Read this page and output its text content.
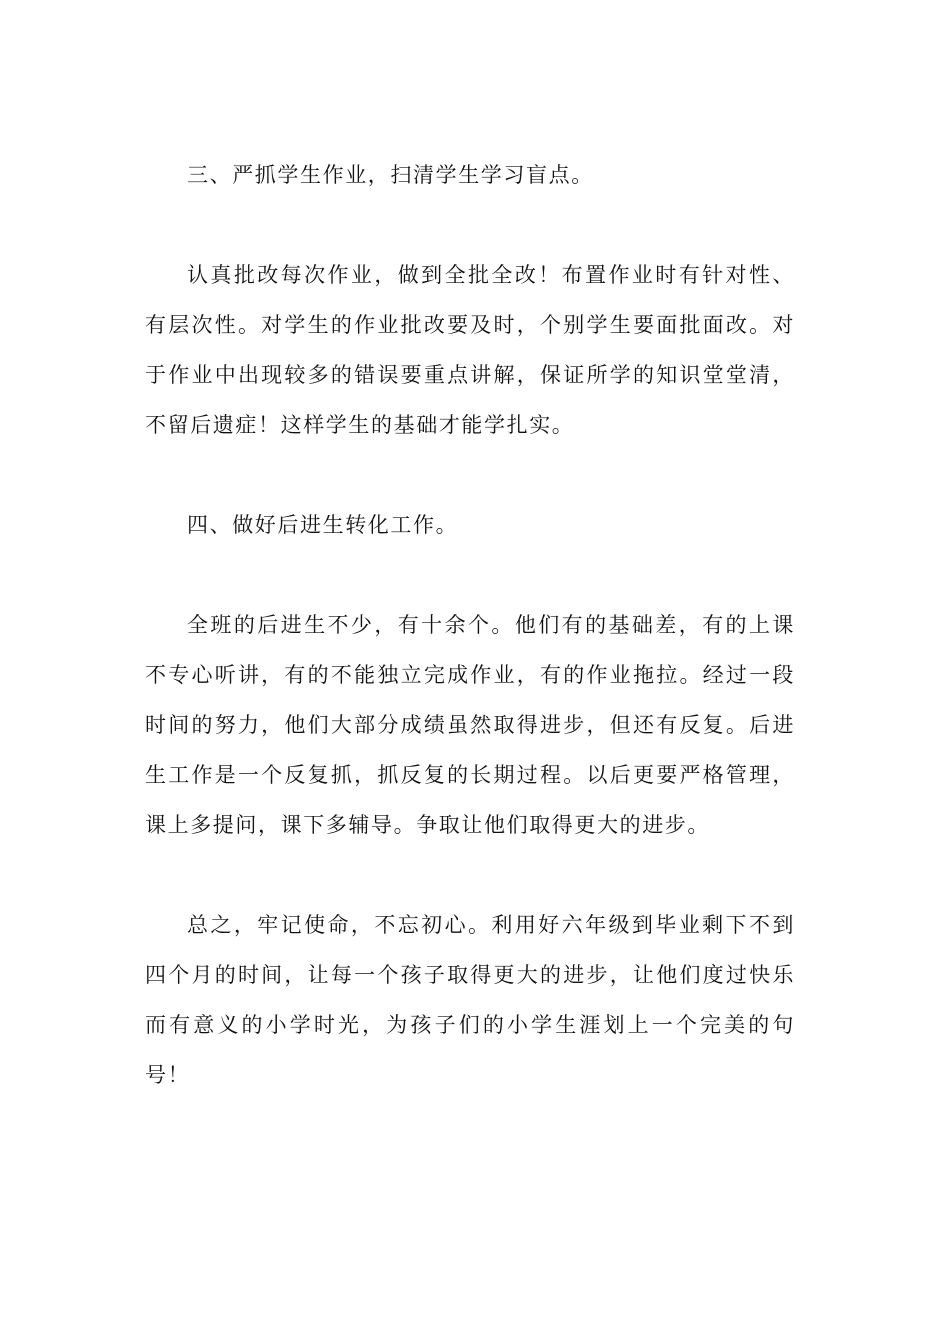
三、严抓学生作业，扫清学生学习盲点。

认真批改每次作业，做到全批全改！布置作业时有针对性、有层次性。对学生的作业批改要及时，个别学生要面批面改。对于作业中出现较多的错误要重点讲解，保证所学的知识堂堂清，不留后遗症！这样学生的基础才能学扎实。

四、做好后进生转化工作。

全班的后进生不少，有十余个。他们有的基础差，有的上课不专心听讲，有的不能独立完成作业，有的作业拖拉。经过一段时间的努力，他们大部分成绩虽然取得进步，但还有反复。后进生工作是一个反复抓，抓反复的长期过程。以后更要严格管理，课上多提问，课下多辅导。争取让他们取得更大的进步。

总之，牢记使命，不忘初心。利用好六年级到毕业剩下不到四个月的时间，让每一个孩子取得更大的进步，让他们度过快乐而有意义的小学时光，为孩子们的小学生涯划上一个完美的句号！
